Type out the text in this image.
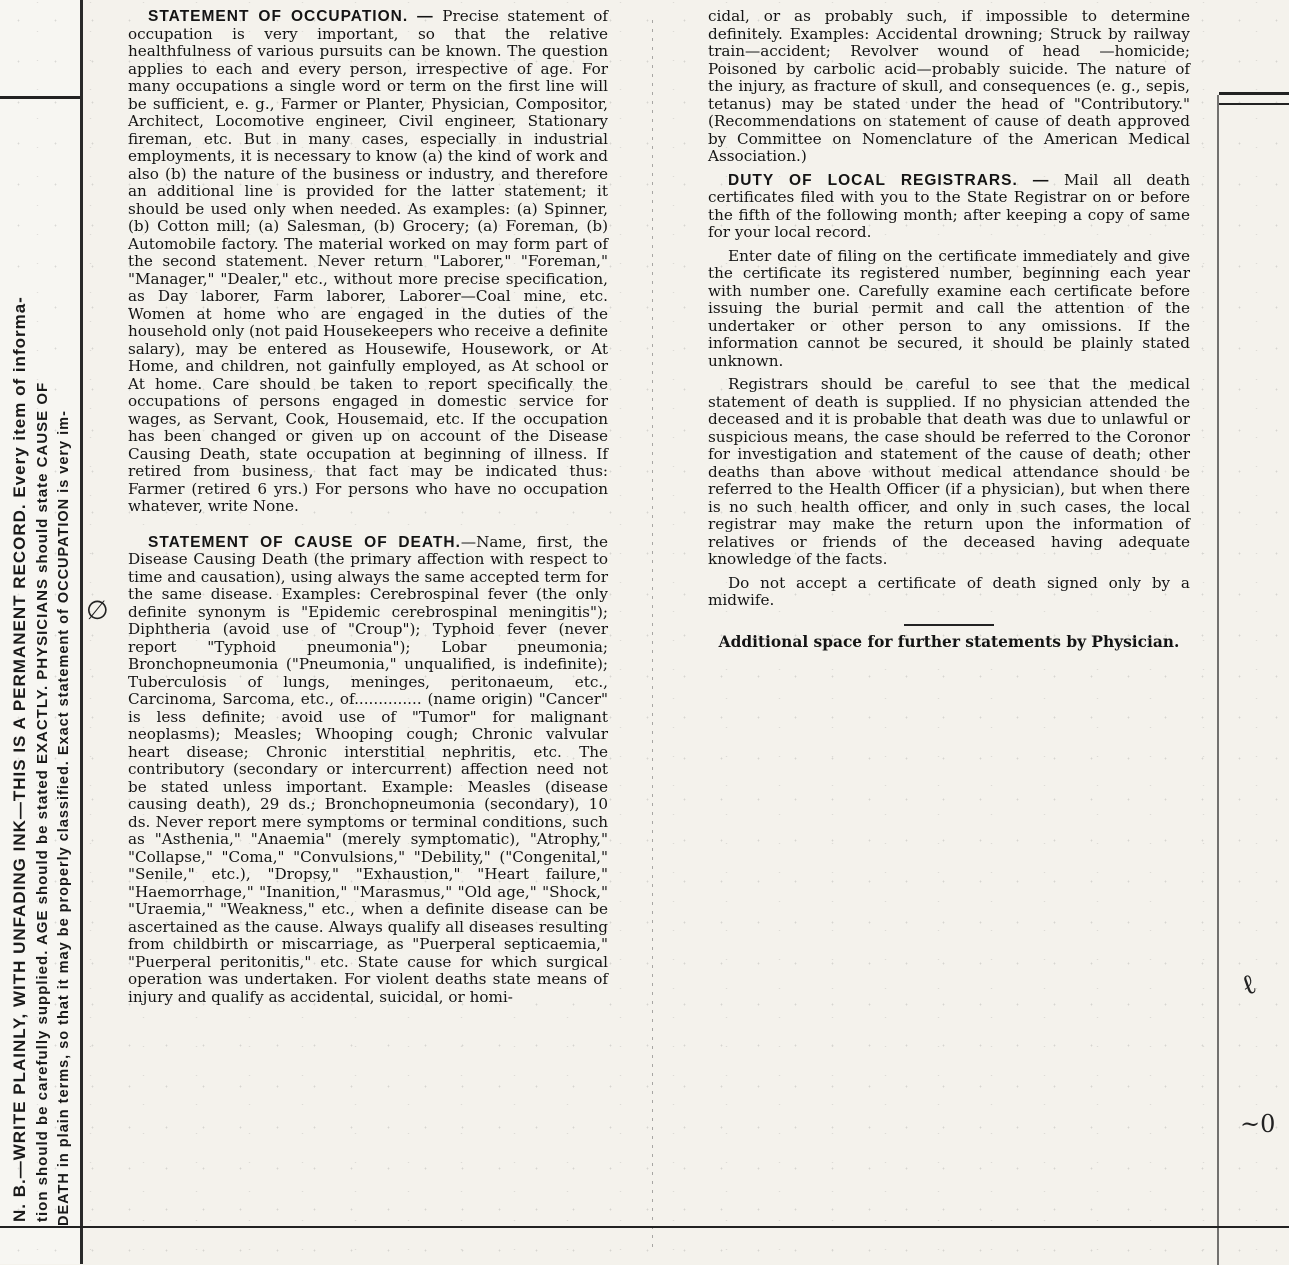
N. B.—WRITE PLAINLY, WITH UNFADING INK—THIS IS A PERMANENT RECORD. Every item of informa- tion should be carefully supplied. AGE should be stated EXACTLY. PHYSICIANS should state CAUSE OF DEATH in plain terms, so that it may be properly classified. Exact statement of OCCUPATION is very im-

STATEMENT OF OCCUPATION. — Precise statement of occupation is very important, so that the relative healthfulness of various pursuits can be known. The question applies to each and every person, irrespective of age. For many occupations a single word or term on the first line will be sufficient, e. g., Farmer or Planter, Physician, Compositor, Architect, Locomotive engineer, Civil engineer, Stationary fireman, etc. But in many cases, especially in industrial employments, it is necessary to know (a) the kind of work and also (b) the nature of the business or industry, and therefore an additional line is provided for the latter statement; it should be used only when needed. As examples: (a) Spinner, (b) Cotton mill; (a) Salesman, (b) Grocery; (a) Foreman, (b) Automobile factory. The material worked on may form part of the second statement. Never return "Laborer," "Foreman," "Manager," "Dealer," etc., without more precise specification, as Day laborer, Farm laborer, Laborer—Coal mine, etc. Women at home who are engaged in the duties of the household only (not paid Housekeepers who receive a definite salary), may be entered as Housewife, Housework, or At Home, and children, not gainfully employed, as At school or At home. Care should be taken to report specifically the occupations of persons engaged in domestic service for wages, as Servant, Cook, Housemaid, etc. If the occupation has been changed or given up on account of the Disease Causing Death, state occupation at beginning of illness. If retired from business, that fact may be indicated thus: Farmer (retired 6 yrs.) For persons who have no occupation whatever, write None.

STATEMENT OF CAUSE OF DEATH.—Name, first, the Disease Causing Death (the primary affection with respect to time and causation), using always the same accepted term for the same disease. Examples: Cerebrospinal fever (the only definite synonym is "Epidemic cerebrospinal meningitis"); Diphtheria (avoid use of "Croup"); Typhoid fever (never report "Typhoid pneumonia"); Lobar pneumonia; Bronchopneumonia ("Pneumonia," unqualified, is indefinite); Tuberculosis of lungs, meninges, peritonaeum, etc., Carcinoma, Sarcoma, etc., of.............. (name origin) "Cancer" is less definite; avoid use of "Tumor" for malignant neoplasms); Measles; Whooping cough; Chronic valvular heart disease; Chronic interstitial nephritis, etc. The contributory (secondary or intercurrent) affection need not be stated unless important. Example: Measles (disease causing death), 29 ds.; Bronchopneumonia (secondary), 10 ds. Never report mere symptoms or terminal conditions, such as "Asthenia," "Anaemia" (merely symptomatic), "Atrophy," "Collapse," "Coma," "Convulsions," "Debility," ("Congenital," "Senile," etc.), "Dropsy," "Exhaustion," "Heart failure," "Haemorrhage," "Inanition," "Marasmus," "Old age," "Shock," "Uraemia," "Weakness," etc., when a definite disease can be ascertained as the cause. Always qualify all diseases resulting from childbirth or miscarriage, as "Puerperal septicaemia," "Puerperal peritonitis," etc. State cause for which surgical operation was undertaken. For violent deaths state means of injury and qualify as accidental, suicidal, or homi-

cidal, or as probably such, if impossible to determine definitely. Examples: Accidental drowning; Struck by railway train—accident; Revolver wound of head —homicide; Poisoned by carbolic acid—probably suicide. The nature of the injury, as fracture of skull, and consequences (e. g., sepis, tetanus) may be stated under the head of "Contributory." (Recommendations on statement of cause of death approved by Committee on Nomenclature of the American Medical Association.)

DUTY OF LOCAL REGISTRARS. — Mail all death certificates filed with you to the State Registrar on or before the fifth of the following month; after keeping a copy of same for your local record.

Enter date of filing on the certificate immediately and give the certificate its registered number, beginning each year with number one. Carefully examine each certificate before issuing the burial permit and call the attention of the undertaker or other person to any omissions. If the information cannot be secured, it should be plainly stated unknown.

Registrars should be careful to see that the medical statement of death is supplied. If no physician attended the deceased and it is probable that death was due to unlawful or suspicious means, the case should be referred to the Coronor for investigation and statement of the cause of death; other deaths than above without medical attendance should be referred to the Health Officer (if a physician), but when there is no such health officer, and only in such cases, the local registrar may make the return upon the information of relatives or friends of the deceased having adequate knowledge of the facts.

Do not accept a certificate of death signed only by a midwife.

Additional space for further statements by Physician.

ℓ
~0
∅
